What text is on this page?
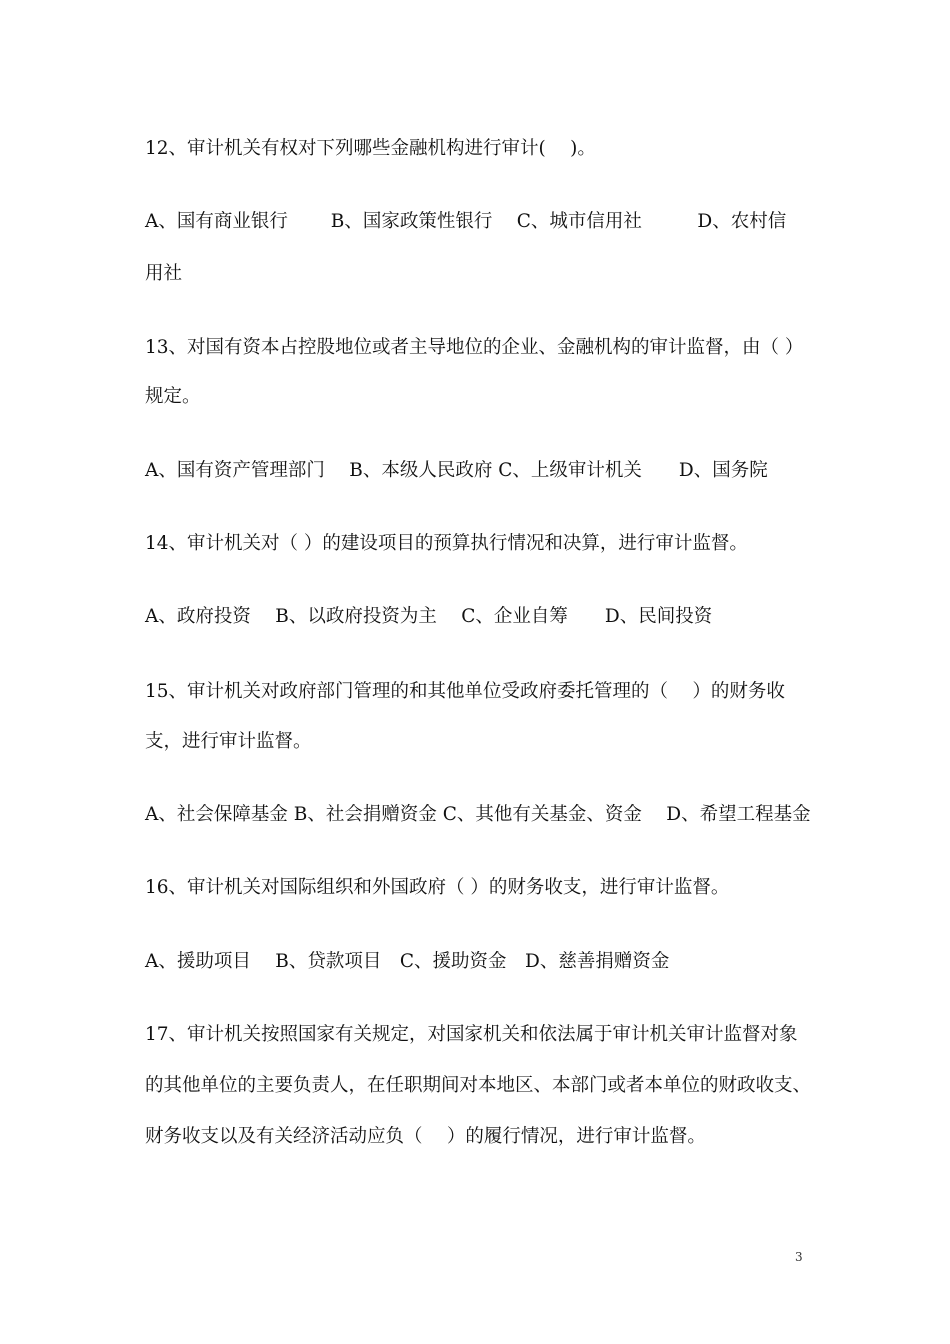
12、审计机关有权对下列哪些金融机构进行审计(　 )。
A、国有商业银行　　 B、国家政策性银行　 C、城市信用社　　　D、农村信
用社
13、对国有资本占控股地位或者主导地位的企业、金融机构的审计监督，由（ ）
规定。
A、国有资产管理部门　 B、本级人民政府 C、上级审计机关　　D、国务院
14、审计机关对（ ）的建设项目的预算执行情况和决算，进行审计监督。
A、政府投资　 B、以政府投资为主　 C、企业自筹　　D、民间投资
15、审计机关对政府部门管理的和其他单位受政府委托管理的（　 ）的财务收
支，进行审计监督。
A、社会保障基金 B、社会捐赠资金 C、其他有关基金、资金　 D、希望工程基金
16、审计机关对国际组织和外国政府（ ）的财务收支，进行审计监督。
A、援助项目　 B、贷款项目　C、援助资金　D、慈善捐赠资金
17、审计机关按照国家有关规定，对国家机关和依法属于审计机关审计监督对象
的其他单位的主要负责人，在任职期间对本地区、本部门或者本单位的财政收支、
财务收支以及有关经济活动应负（　 ）的履行情况，进行审计监督。
3
